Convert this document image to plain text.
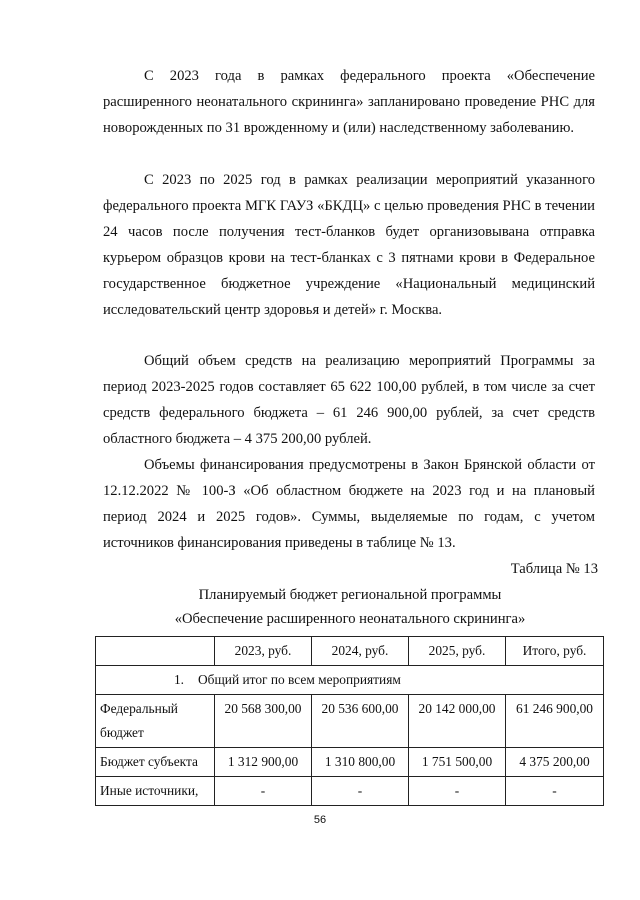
С 2023 года в рамках федерального проекта «Обеспечение расширенного неонатального скрининга» запланировано проведение РНС для новорожденных по 31 врожденному и (или) наследственному заболеванию.

С 2023 по 2025 год в рамках реализации мероприятий указанного федерального проекта МГК ГАУЗ «БКДЦ» с целью проведения РНС в течении 24 часов после получения тест-бланков будет организовывана отправка курьером образцов крови на тест-бланках с 3 пятнами крови в Федеральное государственное бюджетное учреждение «Национальный медицинский исследовательский центр здоровья и детей» г. Москва.

Общий объем средств на реализацию мероприятий Программы за период 2023-2025 годов составляет 65 622 100,00 рублей, в том числе за счет средств федерального бюджета – 61 246 900,00 рублей, за счет средств областного бюджета – 4 375 200,00 рублей.

Объемы финансирования предусмотрены в Закон Брянской области от 12.12.2022 № 100-З «Об областном бюджете на 2023 год и на плановый период 2024 и 2025 годов». Суммы, выделяемые по годам, с учетом источников финансирования приведены в таблице № 13.

Таблица № 13

Планируемый бюджет региональной программы

«Обеспечение расширенного неонатального скрининга»

	2023, руб.	2024, руб.	2025, руб.	Итого, руб.
1. Общий итог по всем мероприятиям				
Федеральный бюджет	20 568 300,00	20 536 600,00	20 142 000,00	61 246 900,00
Бюджет субъекта	1 312 900,00	1 310 800,00	1 751 500,00	4 375 200,00
Иные источники,	-	-	-	-
56
